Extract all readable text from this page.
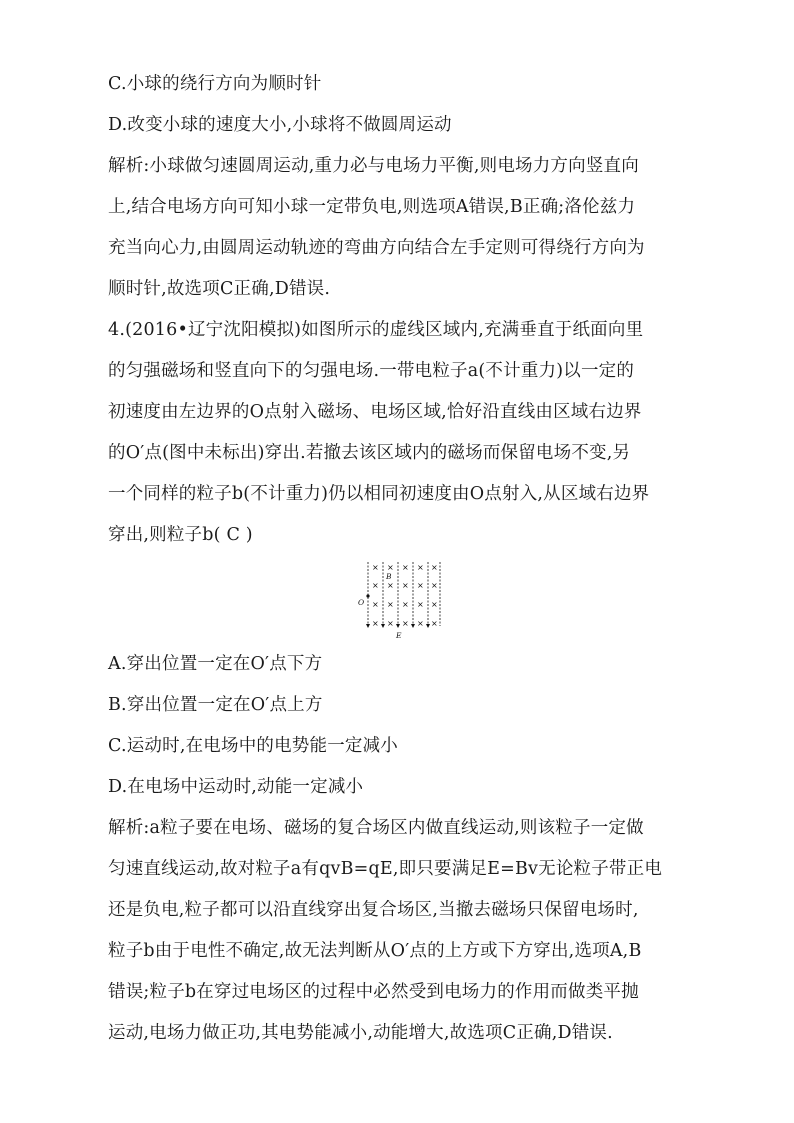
C.小球的绕行方向为顺时针
D.改变小球的速度大小,小球将不做圆周运动
解析:小球做匀速圆周运动,重力必与电场力平衡,则电场力方向竖直向
上,结合电场方向可知小球一定带负电,则选项A错误,B正确;洛伦兹力
充当向心力,由圆周运动轨迹的弯曲方向结合左手定则可得绕行方向为
顺时针,故选项C正确,D错误.
4.(2016•辽宁沈阳模拟)如图所示的虚线区域内,充满垂直于纸面向里
的匀强磁场和竖直向下的匀强电场.一带电粒子a(不计重力)以一定的
初速度由左边界的O点射入磁场、电场区域,恰好沿直线由区域右边界
的O′点(图中未标出)穿出.若撤去该区域内的磁场而保留电场不变,另
一个同样的粒子b(不计重力)仍以相同初速度由O点射入,从区域右边界
穿出,则粒子b( C )
× × × × ×
× × × × ×
× × × × ×
× × × × ×
O
B
E
A.穿出位置一定在O′点下方
B.穿出位置一定在O′点上方
C.运动时,在电场中的电势能一定减小
D.在电场中运动时,动能一定减小
解析:a粒子要在电场、磁场的复合场区内做直线运动,则该粒子一定做
匀速直线运动,故对粒子a有qvB=qE,即只要满足E=Bv无论粒子带正电
还是负电,粒子都可以沿直线穿出复合场区,当撤去磁场只保留电场时,
粒子b由于电性不确定,故无法判断从O′点的上方或下方穿出,选项A,B
错误;粒子b在穿过电场区的过程中必然受到电场力的作用而做类平抛
运动,电场力做正功,其电势能减小,动能增大,故选项C正确,D错误.
